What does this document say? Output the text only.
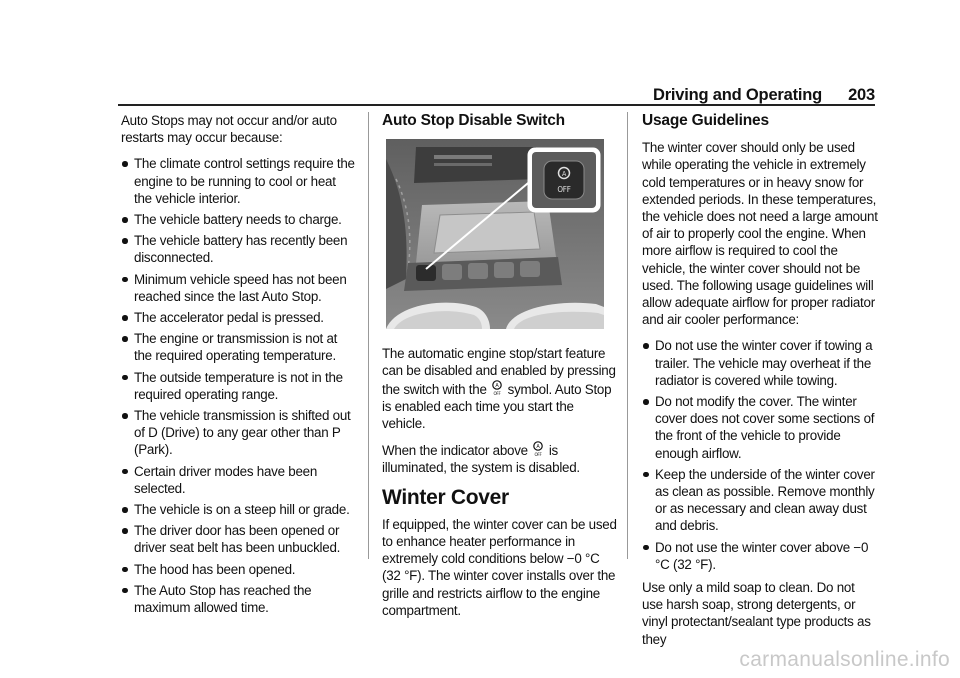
Driving and Operating 203

Auto Stops may not occur and/or auto restarts may occur because:

The climate control settings require the engine to be running to cool or heat the vehicle interior.
The vehicle battery needs to charge.
The vehicle battery has recently been disconnected.
Minimum vehicle speed has not been reached since the last Auto Stop.
The accelerator pedal is pressed.
The engine or transmission is not at the required operating temperature.
The outside temperature is not in the required operating range.
The vehicle transmission is shifted out of D (Drive) to any gear other than P (Park).
Certain driver modes have been selected.
The vehicle is on a steep hill or grade.
The driver door has been opened or driver seat belt has been unbuckled.
The hood has been opened.
The Auto Stop has reached the maximum allowed time.
Auto Stop Disable Switch
A
OFF

The automatic engine stop/start feature can be disabled and enabled by pressing the switch with the A
OFF symbol. Auto Stop is enabled each time you start the vehicle.

When the indicator above A
OFF is illuminated, the system is disabled.

Winter Cover

If equipped, the winter cover can be used to enhance heater performance in extremely cold conditions below −0 °C (32 °F). The winter cover installs over the grille and restricts airflow to the engine compartment.

Usage Guidelines

The winter cover should only be used while operating the vehicle in extremely cold temperatures or in heavy snow for extended periods. In these temperatures, the vehicle does not need a large amount of air to properly cool the engine. When more airflow is required to cool the vehicle, the winter cover should not be used. The following usage guidelines will allow adequate airflow for proper radiator and air cooler performance:

Do not use the winter cover if towing a trailer. The vehicle may overheat if the radiator is covered while towing.
Do not modify the cover. The winter cover does not cover some sections of the front of the vehicle to provide enough airflow.
Keep the underside of the winter cover as clean as possible. Remove monthly or as necessary and clean away dust and debris.
Do not use the winter cover above −0 °C (32 °F).

Use only a mild soap to clean. Do not use harsh soap, strong detergents, or vinyl protectant/sealant type products as they

carmanualsonline.info
